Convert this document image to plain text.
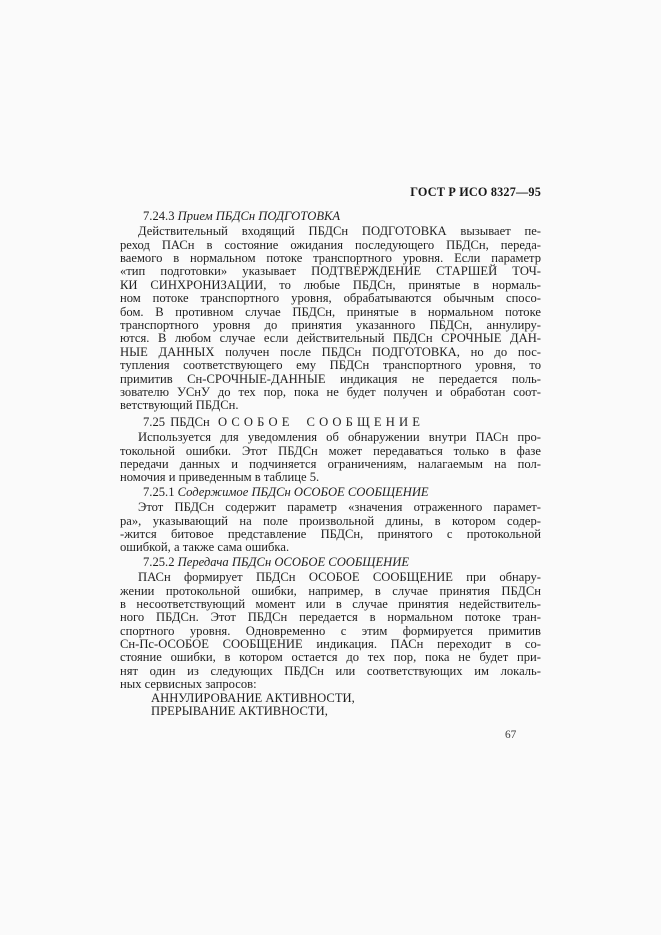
ГОСТ Р ИСО 8327—95
7.24.3 Прием ПБДСн ПОДГОТОВКА
Действительный входящий ПБДСн ПОДГОТОВКА вызывает пе-
реход ПАСн в состояние ожидания последующего ПБДСн, переда-
ваемого в нормальном потоке транспортного уровня. Если параметр
«тип подготовки» указывает ПОДТВЕРЖДЕНИЕ СТАРШЕЙ ТОЧ-
КИ СИНХРОНИЗАЦИИ, то любые ПБДСн, принятые в нормаль-
ном потоке транспортного уровня, обрабатываются обычным спосо-
бом. В противном случае ПБДСн, принятые в нормальном потоке
транспортного уровня до принятия указанного ПБДСн, аннулиру-
ются. В любом случае если действительный ПБДСн СРОЧНЫЕ ДАН-
НЫЕ ДАННЫХ получен после ПБДСн ПОДГОТОВКА, но до пос-
тупления соответствующего ему ПБДСн транспортного уровня, то
примитив Сн-СРОЧНЫЕ-ДАННЫЕ индикация не передается поль-
зователю УСнУ до тех пор, пока не будет получен и обработан соот-
ветствующий ПБДСн.
7.25 ПБДСн ОСОБОЕ СООБЩЕНИЕ
Используется для уведомления об обнаружении внутри ПАСн про-
токольной ошибки. Этот ПБДСн может передаваться только в фазе
передачи данных и подчиняется ограничениям, налагаемым на пол-
номочия и приведенным в таблице 5.
7.25.1 Содержимое ПБДСн ОСОБОЕ СООБЩЕНИЕ
Этот ПБДСн содержит параметр «значения отраженного парамет-
ра», указывающий на поле произвольной длины, в котором содер-
-жится битовое представление ПБДСн, принятого с протокольной
ошибкой, а также сама ошибка.
7.25.2 Передача ПБДСн ОСОБОЕ СООБЩЕНИЕ
ПАСн формирует ПБДСн ОСОБОЕ СООБЩЕНИЕ при обнару-
жении протокольной ошибки, например, в случае принятия ПБДСн
в несоответствующий момент или в случае принятия недействитель-
ного ПБДСн. Этот ПБДСн передается в нормальном потоке тран-
спортного уровня. Одновременно с этим формируется примитив
Сн-Пс-ОСОБОЕ СООБЩЕНИЕ индикация. ПАСн переходит в со-
стояние ошибки, в котором остается до тех пор, пока не будет при-
нят один из следующих ПБДСн или соответствующих им локаль-
ных сервисных запросов:
АННУЛИРОВАНИЕ АКТИВНОСТИ,
ПРЕРЫВАНИЕ АКТИВНОСТИ,
67
